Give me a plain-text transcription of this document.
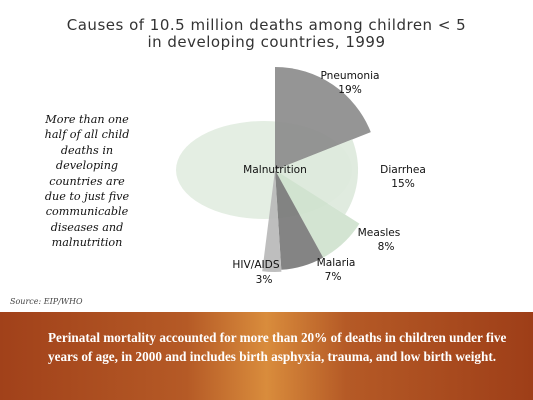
Causes of 10.5 million deaths among children < 5
in developing countries, 1999
More than one
half of all child
deaths in
developing
countries are
due to just five
communicable
diseases and
malnutrition
Malnutrition
Pneumonia
19%
Diarrhea
15%
Measles
8%
Malaria
7%
HIV/AIDS
3%
Source: EIP/WHO
Perinatal mortality accounted for more than 20% of deaths in children under five years of age, in 2000 and includes birth asphyxia, trauma, and low birth weight.
